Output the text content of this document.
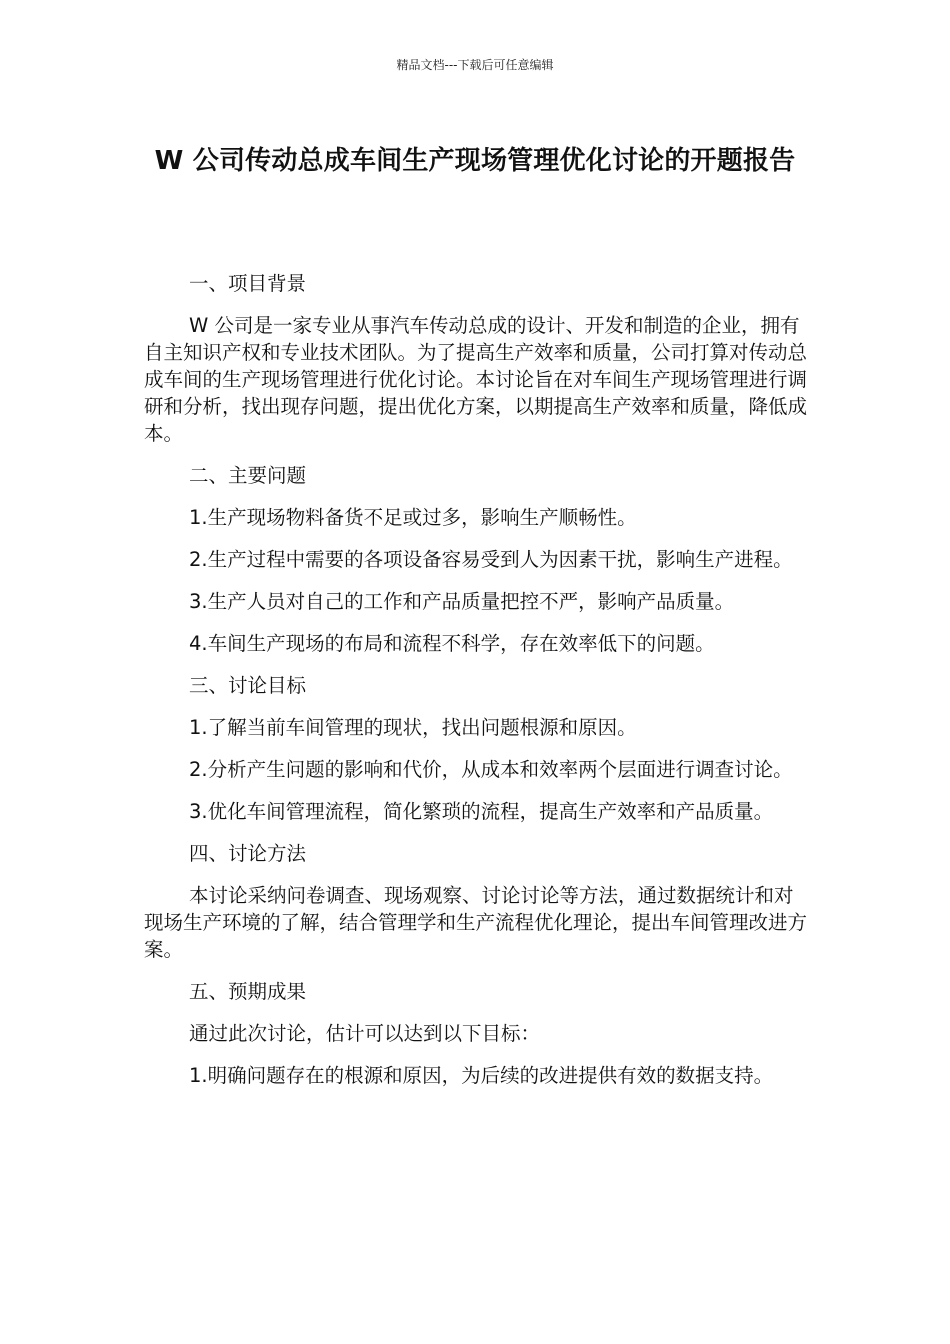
精品文档---下载后可任意编辑
W 公司传动总成车间生产现场管理优化讨论的开题报告

一、项目背景

W 公司是一家专业从事汽车传动总成的设计、开发和制造的企业，拥有自主知识产权和专业技术团队。为了提高生产效率和质量，公司打算对传动总成车间的生产现场管理进行优化讨论。本讨论旨在对车间生产现场管理进行调研和分析，找出现存问题，提出优化方案，以期提高生产效率和质量，降低成本。

二、主要问题

1.生产现场物料备货不足或过多，影响生产顺畅性。

2.生产过程中需要的各项设备容易受到人为因素干扰，影响生产进程。

3.生产人员对自己的工作和产品质量把控不严，影响产品质量。

4.车间生产现场的布局和流程不科学，存在效率低下的问题。

三、讨论目标

1.了解当前车间管理的现状，找出问题根源和原因。

2.分析产生问题的影响和代价，从成本和效率两个层面进行调查讨论。

3.优化车间管理流程，简化繁琐的流程，提高生产效率和产品质量。

四、讨论方法

本讨论采纳问卷调查、现场观察、讨论讨论等方法，通过数据统计和对现场生产环境的了解，结合管理学和生产流程优化理论，提出车间管理改进方案。

五、预期成果

通过此次讨论，估计可以达到以下目标：

1.明确问题存在的根源和原因，为后续的改进提供有效的数据支持。
